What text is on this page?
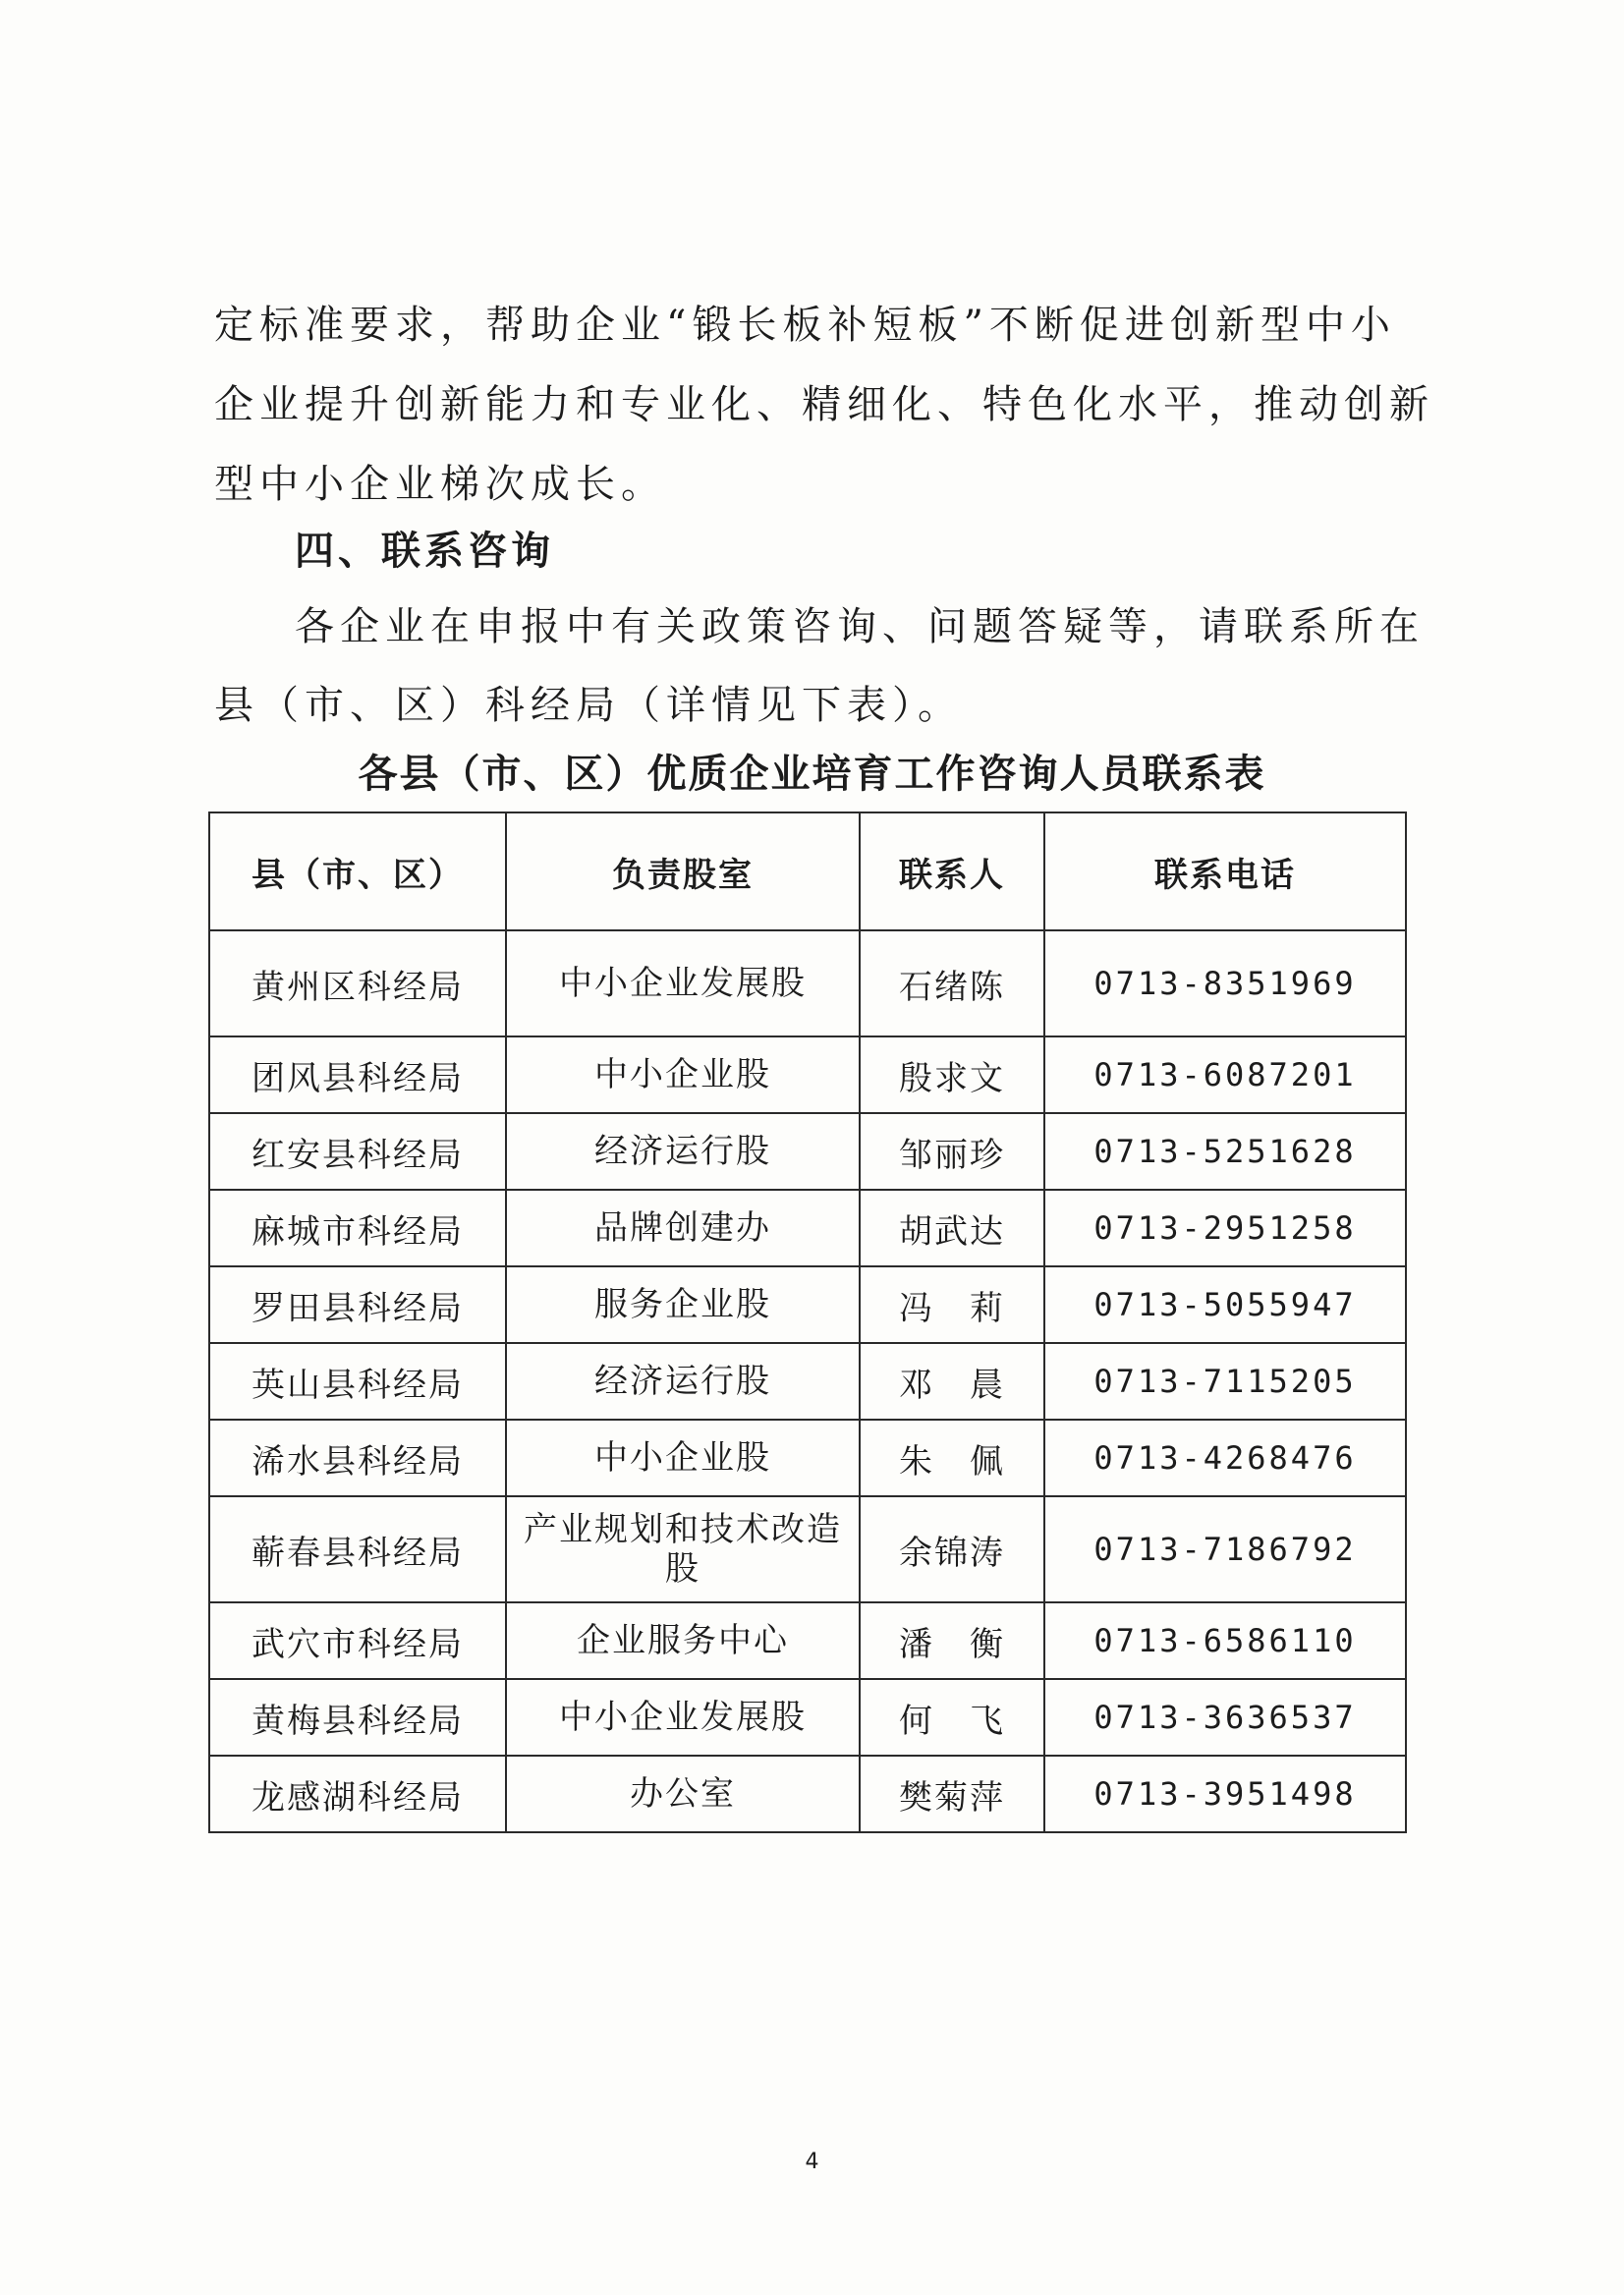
定标准要求，帮助企业“锻长板补短板”不断促进创新型中小
企业提升创新能力和专业化、精细化、特色化水平，推动创新
型中小企业梯次成长。
四、联系咨询
各企业在申报中有关政策咨询、问题答疑等，请联系所在
县（市、区）科经局（详情见下表）。
各县（市、区）优质企业培育工作咨询人员联系表
县（市、区）	负责股室	联系人	联系电话
黄州区科经局	中小企业发展股	石绪陈	0713-8351969
团风县科经局	中小企业股	殷求文	0713-6087201
红安县科经局	经济运行股	邹丽珍	0713-5251628
麻城市科经局	品牌创建办	胡武达	0713-2951258
罗田县科经局	服务企业股	冯　莉	0713-5055947
英山县科经局	经济运行股	邓　晨	0713-7115205
浠水县科经局	中小企业股	朱　佩	0713-4268476
蕲春县科经局	产业规划和技术改造股	余锦涛	0713-7186792
武穴市科经局	企业服务中心	潘　衡	0713-6586110
黄梅县科经局	中小企业发展股	何　飞	0713-3636537
龙感湖科经局	办公室	樊菊萍	0713-3951498
4
